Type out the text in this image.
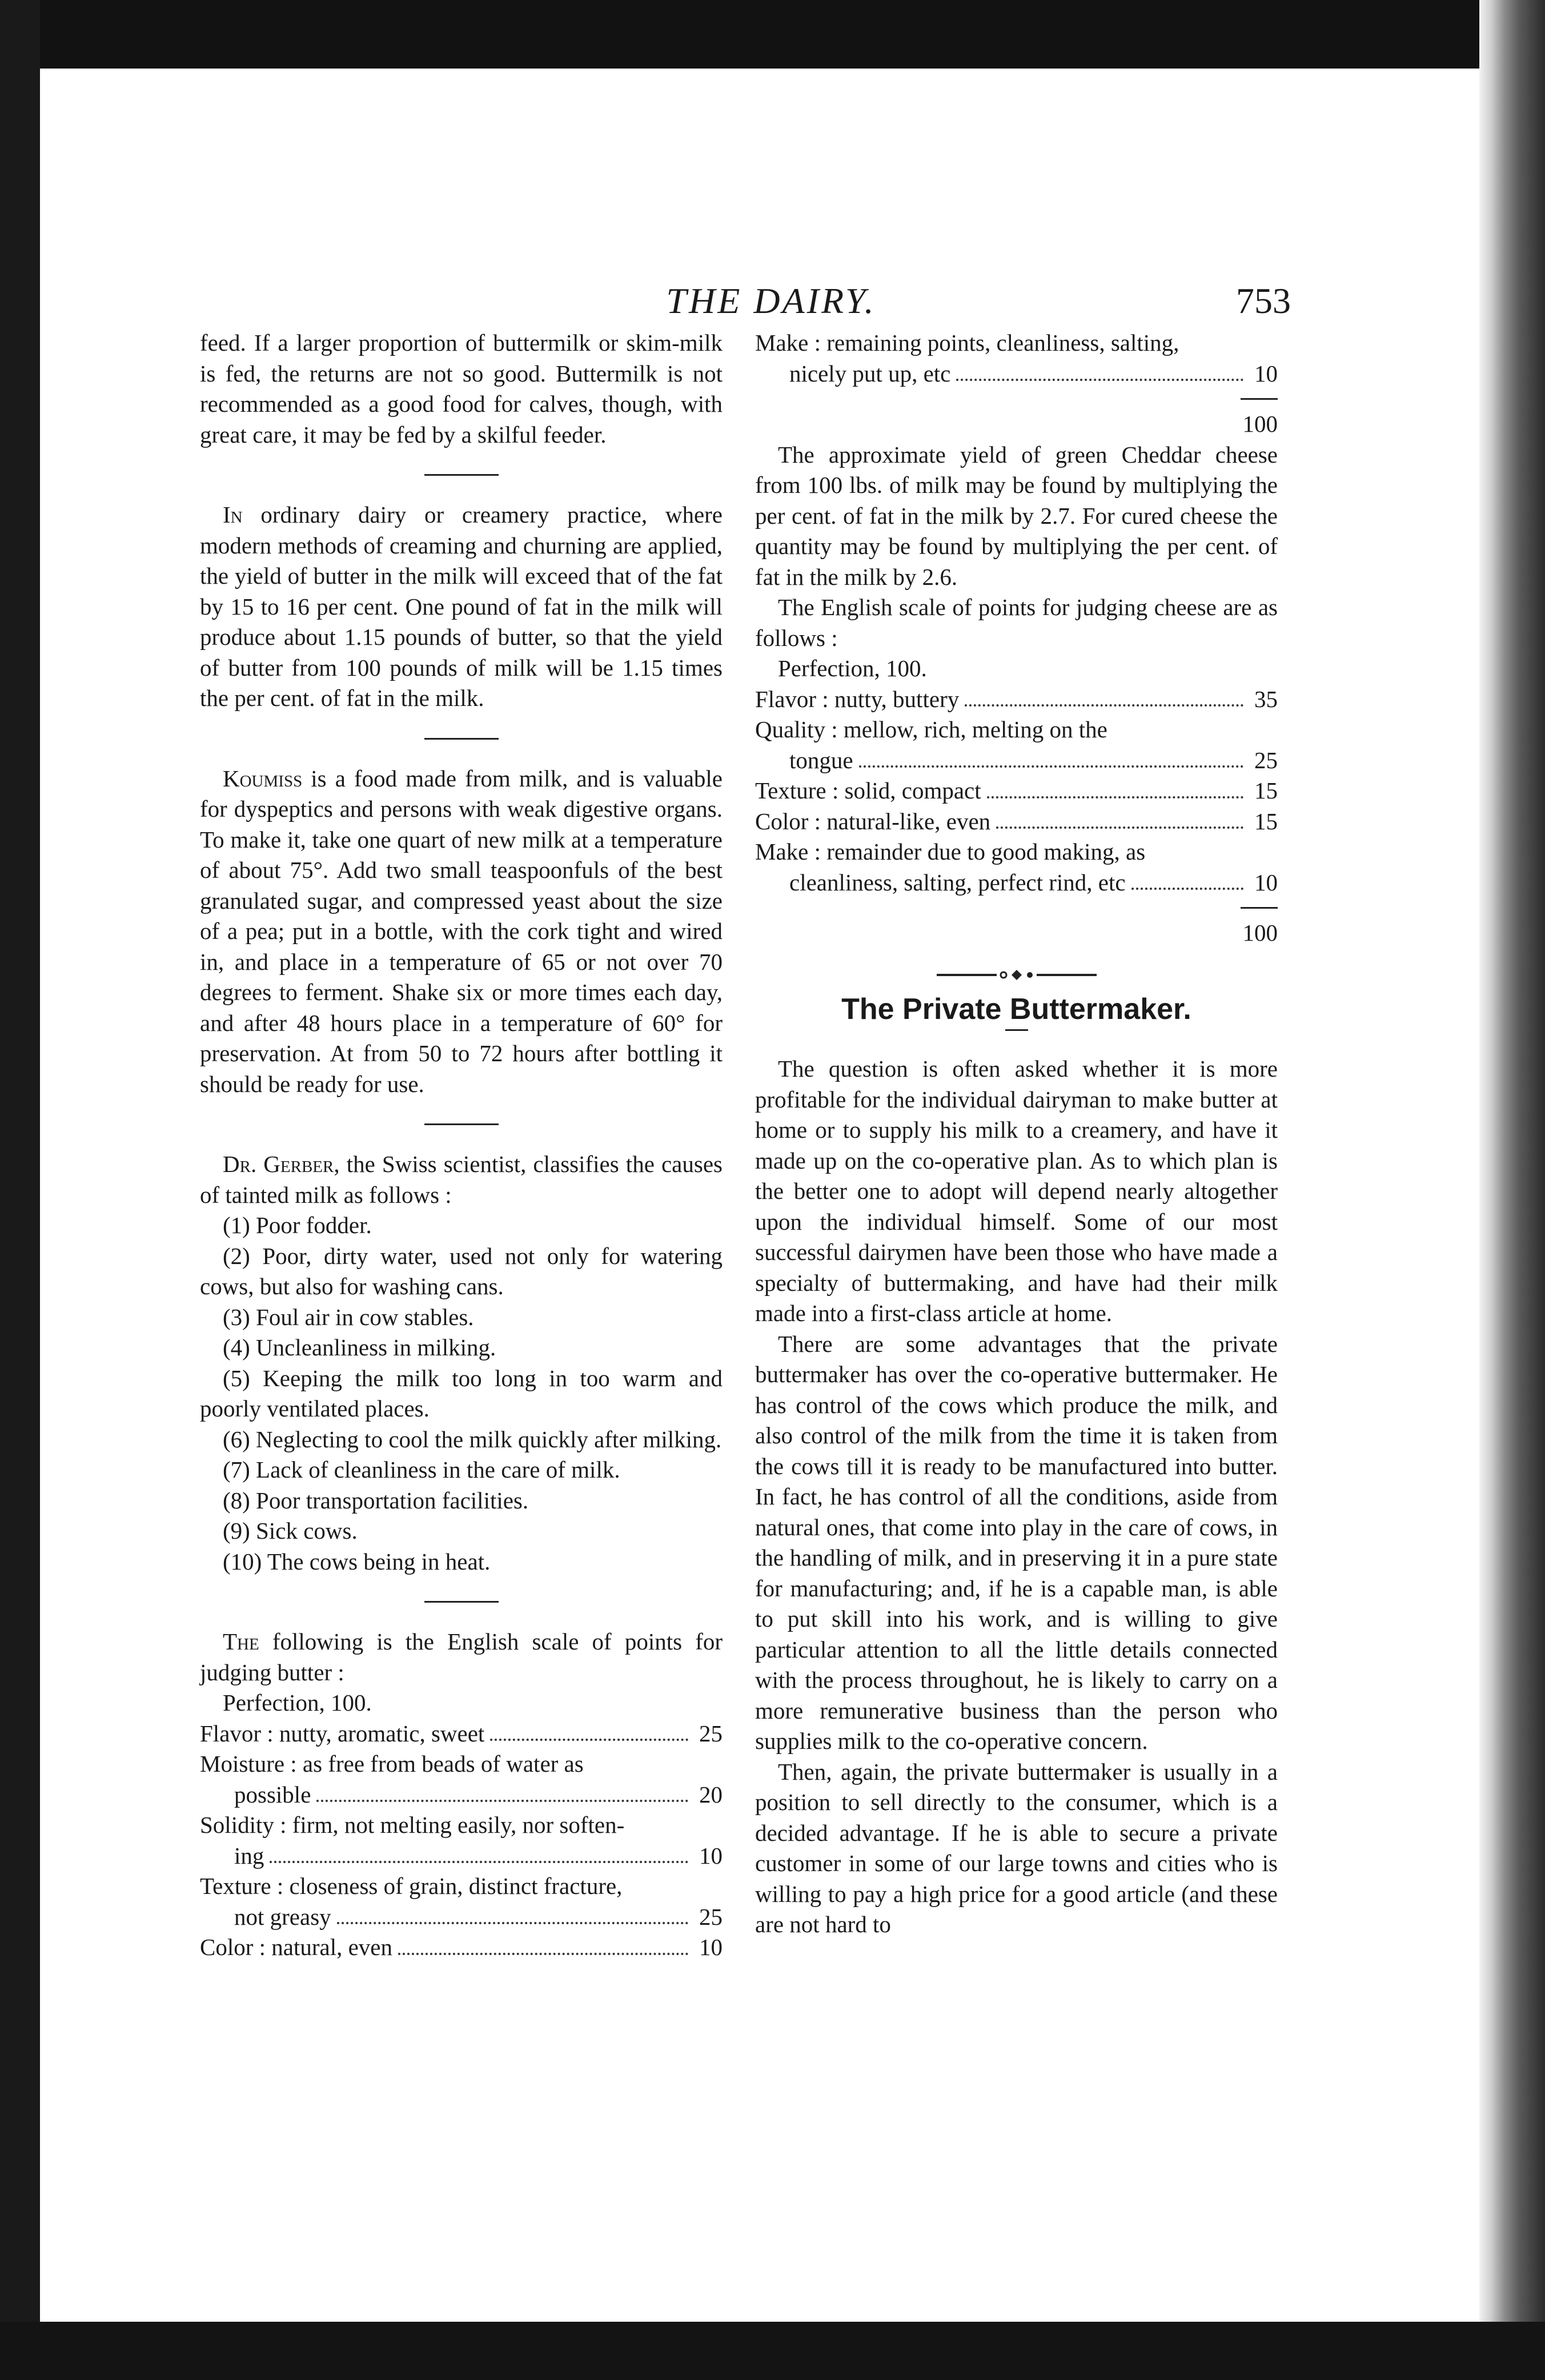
THE DAIRY.	753

feed. If a larger proportion of buttermilk or skim-milk is fed, the returns are not so good. Buttermilk is not recommended as a good food for calves, though, with great care, it may be fed by a skilful feeder.

In ordinary dairy or creamery practice, where modern methods of creaming and churning are applied, the yield of butter in the milk will exceed that of the fat by 15 to 16 per cent. One pound of fat in the milk will produce about 1.15 pounds of butter, so that the yield of butter from 100 pounds of milk will be 1.15 times the per cent. of fat in the milk.

Koumiss is a food made from milk, and is valuable for dyspeptics and persons with weak digestive organs. To make it, take one quart of new milk at a temperature of about 75°. Add two small teaspoonfuls of the best granulated sugar, and compressed yeast about the size of a pea; put in a bottle, with the cork tight and wired in, and place in a temperature of 65 or not over 70 degrees to ferment. Shake six or more times each day, and after 48 hours place in a temperature of 60° for preservation. At from 50 to 72 hours after bottling it should be ready for use.

Dr. Gerber, the Swiss scientist, classifies the causes of tainted milk as follows :

(1) Poor fodder.
(2) Poor, dirty water, used not only for watering cows, but also for washing cans.
(3) Foul air in cow stables.
(4) Uncleanliness in milking.
(5) Keeping the milk too long in too warm and poorly ventilated places.
(6) Neglecting to cool the milk quickly after milking.
(7) Lack of cleanliness in the care of milk.
(8) Poor transportation facilities.
(9) Sick cows.
(10) The cows being in heat.

The following is the English scale of points for judging butter :

Perfection, 100.
Flavor : nutty, aromatic, sweet	25
Moisture : as free from beads of water as
possible	20
Solidity : firm, not melting easily, nor soften-
ing	10
Texture : closeness of grain, distinct fracture,
not greasy	25
Color : natural, even	10
Make : remaining points, cleanliness, salting,
nicely put up, etc	10
100

The approximate yield of green Cheddar cheese from 100 lbs. of milk may be found by multiplying the per cent. of fat in the milk by 2.7. For cured cheese the quantity may be found by multiplying the per cent. of fat in the milk by 2.6.

The English scale of points for judging cheese are as follows :

Perfection, 100.
Flavor : nutty, buttery	35
Quality : mellow, rich, melting on the
tongue	25
Texture : solid, compact	15
Color : natural-like, even	15
Make : remainder due to good making, as
cleanliness, salting, perfect rind, etc	10
100
The Private Buttermaker.

The question is often asked whether it is more profitable for the individual dairyman to make butter at home or to supply his milk to a creamery, and have it made up on the co-operative plan. As to which plan is the better one to adopt will depend nearly altogether upon the individual himself. Some of our most successful dairymen have been those who have made a specialty of buttermaking, and have had their milk made into a first-class article at home.

There are some advantages that the private buttermaker has over the co-operative buttermaker. He has control of the cows which produce the milk, and also control of the milk from the time it is taken from the cows till it is ready to be manufactured into butter. In fact, he has control of all the conditions, aside from natural ones, that come into play in the care of cows, in the handling of milk, and in preserving it in a pure state for manufacturing; and, if he is a capable man, is able to put skill into his work, and is willing to give particular attention to all the little details connected with the process throughout, he is likely to carry on a more remunerative business than the person who supplies milk to the co-operative concern.

Then, again, the private buttermaker is usually in a position to sell directly to the consumer, which is a decided advantage. If he is able to secure a private customer in some of our large towns and cities who is willing to pay a high price for a good article (and these are not hard to
